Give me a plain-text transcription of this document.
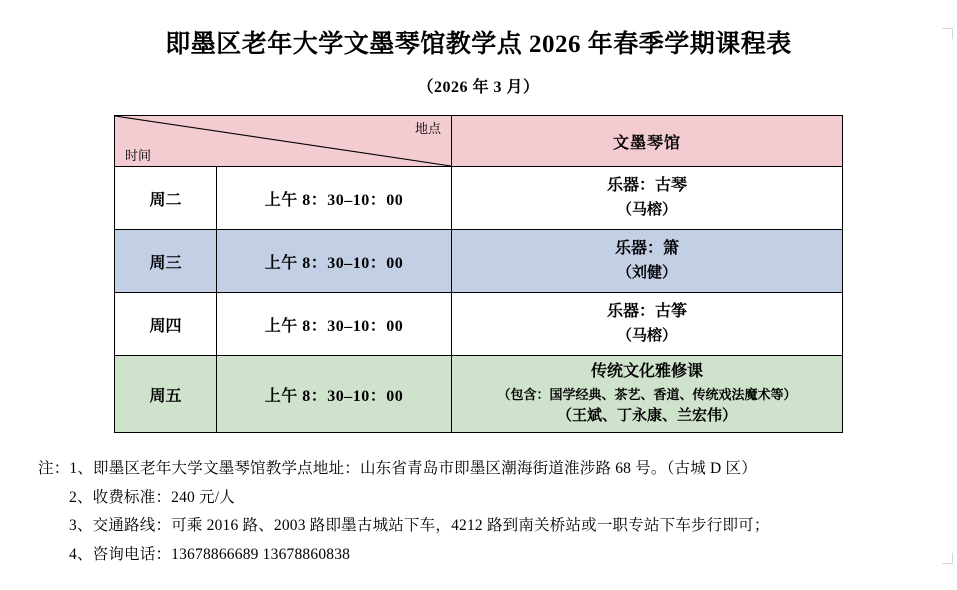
即墨区老年大学文墨琴馆教学点 2026 年春季学期课程表
（2026 年 3 月）
地点
时间		文墨琴馆
周二	上午 8：30–10：00	乐器：古琴
（马榕）

周三	上午 8：30–10：00	乐器：箫
（刘健）

周四	上午 8：30–10：00	乐器：古筝
（马榕）

周五	上午 8：30–10：00	传统文化雅修课
（包含：国学经典、茶艺、香道、传统戏法魔术等）
（王斌、丁永康、兰宏伟）
注：1、即墨区老年大学文墨琴馆教学点地址：山东省青岛市即墨区潮海街道淮涉路 68 号。（古城 D 区）
2、收费标准：240 元/人
3、交通路线：可乘 2016 路、2003 路即墨古城站下车，4212 路到南关桥站或一职专站下车步行即可；
4、咨询电话：13678866689 13678860838
